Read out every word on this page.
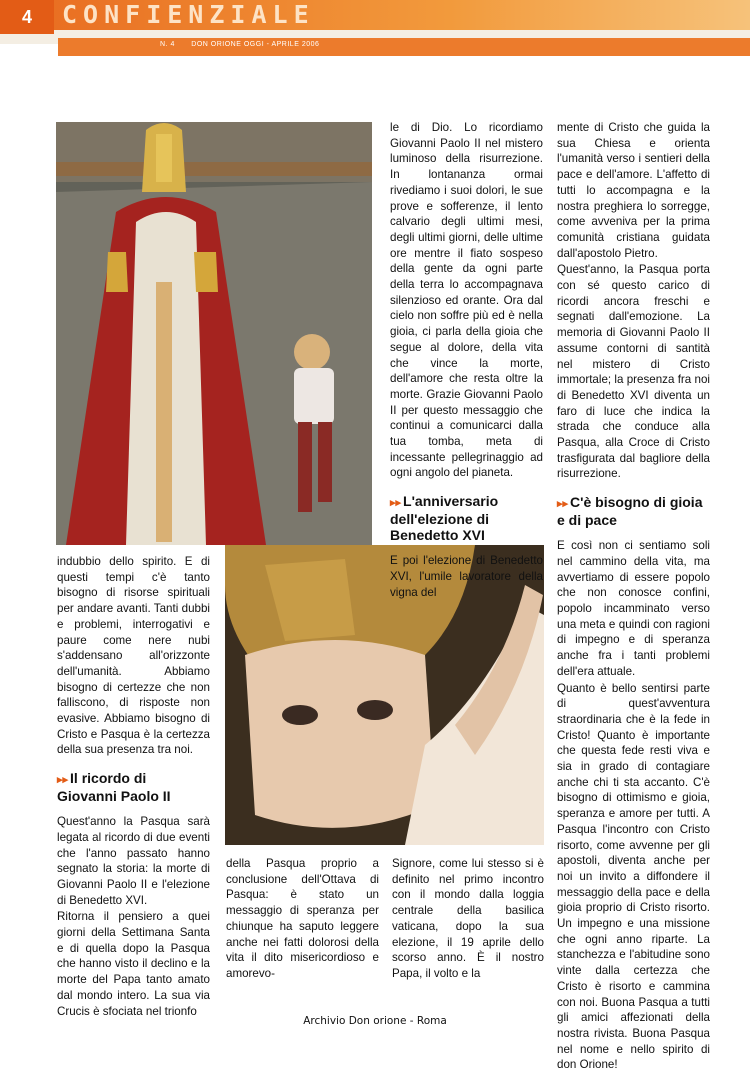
4	CONFIENZIALE
N. 4 DON ORIONE OGGI - APRILE 2006

indubbio dello spirito. E di questi tempi c'è tanto bisogno di risorse spirituali per andare avanti. Tanti dubbi e problemi, interrogativi e paure come nere nubi s'addensano all'orizzonte dell'umanità. Abbiamo bisogno di certezze che non falliscono, di risposte non evasive. Abbiamo bisogno di Cristo e Pasqua è la certezza della sua presenza tra noi.

▸▸ Il ricordo di Giovanni Paolo II

Quest'anno la Pasqua sarà legata al ricordo di due eventi che l'anno passato hanno segnato la storia: la morte di Giovanni Paolo II e l'elezione di Benedetto XVI.

Ritorna il pensiero a quei giorni della Settimana Santa e di quella dopo la Pasqua che hanno visto il declino e la morte del Papa tanto amato dal mondo intero. La sua via Crucis è sfociata nel trionfo

della Pasqua proprio a conclusione dell'Ottava di Pasqua: è stato un messaggio di speranza per chiunque ha saputo leggere anche nei fatti dolorosi della vita il dito misericordioso e amorevo-

le di Dio. Lo ricordiamo Giovanni Paolo II nel mistero luminoso della risurrezione. In lontananza ormai rivediamo i suoi dolori, le sue prove e sofferenze, il lento calvario degli ultimi mesi, degli ultimi giorni, delle ultime ore mentre il fiato sospeso della gente da ogni parte della terra lo accompagnava silenzioso ed orante. Ora dal cielo non soffre più ed è nella gioia, ci parla della gioia che segue al dolore, della vita che vince la morte, dell'amore che resta oltre la morte. Grazie Giovanni Paolo II per questo messaggio che continui a comunicarci dalla tua tomba, meta di incessante pellegrinaggio ad ogni angolo del pianeta.

▸▸ L'anniversario dell'elezione di Benedetto XVI

E poi l'elezione di Benedetto XVI, l'umile lavoratore della vigna del

Signore, come lui stesso si è definito nel primo incontro con il mondo dalla loggia centrale della basilica vaticana, dopo la sua elezione, il 19 aprile dello scorso anno. È il nostro Papa, il volto e la

mente di Cristo che guida la sua Chiesa e orienta l'umanità verso i sentieri della pace e dell'amore. L'affetto di tutti lo accompagna e la nostra preghiera lo sorregge, come avveniva per la prima comunità cristiana guidata dall'apostolo Pietro.

Quest'anno, la Pasqua porta con sé questo carico di ricordi ancora freschi e segnati dall'emozione. La memoria di Giovanni Paolo II assume contorni di santità nel mistero di Cristo immortale; la presenza fra noi di Benedetto XVI diventa un faro di luce che indica la strada che conduce alla Pasqua, alla Croce di Cristo trasfigurata dal bagliore della risurrezione.

▸▸ C'è bisogno di gioia e di pace

E così non ci sentiamo soli nel cammino della vita, ma avvertiamo di essere popolo che non conosce confini, popolo incamminato verso una meta e quindi con ragioni di impegno e di speranza anche fra i tanti problemi dell'era attuale.

Quanto è bello sentirsi parte di quest'avventura straordinaria che è la fede in Cristo! Quanto è importante che questa fede resti viva e sia in grado di contagiare anche chi ti sta accanto. C'è bisogno di ottimismo e gioia, speranza e amore per tutti. A Pasqua l'incontro con Cristo risorto, come avvenne per gli apostoli, diventa anche per noi un invito a diffondere il messaggio della pace e della gioia proprio di Cristo risorto. Un impegno e una missione che ogni anno riparte. La stanchezza e l'abitudine sono vinte dalla certezza che Cristo è risorto e cammina con noi. Buona Pasqua a tutti gli amici affezionati della nostra rivista. Buona Pasqua nel nome e nello spirito di don Orione!

Archivio Don orione - Roma
